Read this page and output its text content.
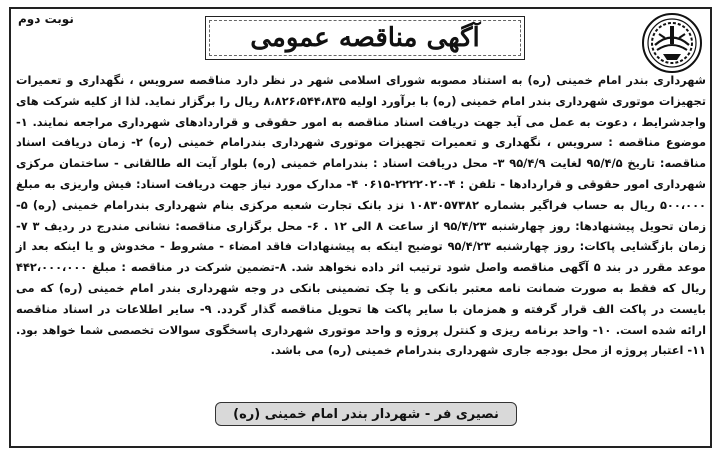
نوبت دوم
آگهی مناقصه عمومی
شهرداری بندر امام خمینی (ره) به استناد مصوبه شورای اسلامی شهر در نظر دارد مناقصه سرویس ، نگهداری و تعمیرات تجهیزات موتوری شهرداری بندر امام خمینی (ره) با برآورد اولیه ۸،۸۲۶،۵۴۴،۸۳۵ ریال را برگزار نماید. لذا از کلیه شرکت های واجدشرایط ، دعوت به عمل می آید جهت دریافت اسناد مناقصه به امور حقوقی و قراردادهای شهرداری مراجعه نمایند. ۱- موضوع مناقصه : سرویس ، نگهداری و تعمیرات تجهیزات موتوری شهرداری بندرامام خمینی (ره) ۲- زمان دریافت اسناد مناقصه: تاریخ ۹۵/۴/۵ لغایت ۹۵/۴/۹ ۳- محل دریافت اسناد : بندرامام خمینی (ره) بلوار آیت اله طالقانی - ساختمان مرکزی شهرداری امور حقوقی و قراردادها - تلفن : ۴-۲۲۲۲۰۲۰-۰۶۱۵ ۴- مدارک مورد نیاز جهت دریافت اسناد: فیش واریزی به مبلغ ۵۰۰،۰۰۰ ریال به حساب فراگیر بشماره ۱۰۸۳۰۵۷۳۸۲ نزد بانک تجارت شعبه مرکزی بنام شهرداری بندرامام خمینی (ره) ۵- زمان تحویل پیشنهادها: روز چهارشنبه ۹۵/۴/۲۳ از ساعت ۸ الی ۱۲ . ۶- محل برگزاری مناقصه: نشانی مندرج در ردیف ۳ ۷- زمان بازگشایی پاکات: روز چهارشنبه ۹۵/۴/۲۳ توضیح اینکه به پیشنهادات فاقد امضاء - مشروط - مخدوش و یا اینکه بعد از موعد مقرر در بند ۵ آگهی مناقصه واصل شود ترتیب اثر داده نخواهد شد. ۸-تضمین شرکت در مناقصه : مبلغ ۴۴۲،۰۰۰،۰۰۰ ریال که فقط به صورت ضمانت نامه معتبر بانکی و یا چک تضمینی بانکی در وجه شهرداری بندر امام خمینی (ره) که می بایست در پاکت الف قرار گرفته و همزمان با سایر پاکت ها تحویل مناقصه گذار گردد. ۹- سایر اطلاعات در اسناد مناقصه ارائه شده است. ۱۰- واحد برنامه ریزی و کنترل پروژه و واحد موتوری شهرداری پاسخگوی سوالات تخصصی شما خواهد بود. ۱۱- اعتبار پروژه از محل بودجه جاری شهرداری بندرامام خمینی (ره) می باشد.
نصیری فر - شهردار بندر امام خمینی (ره)
